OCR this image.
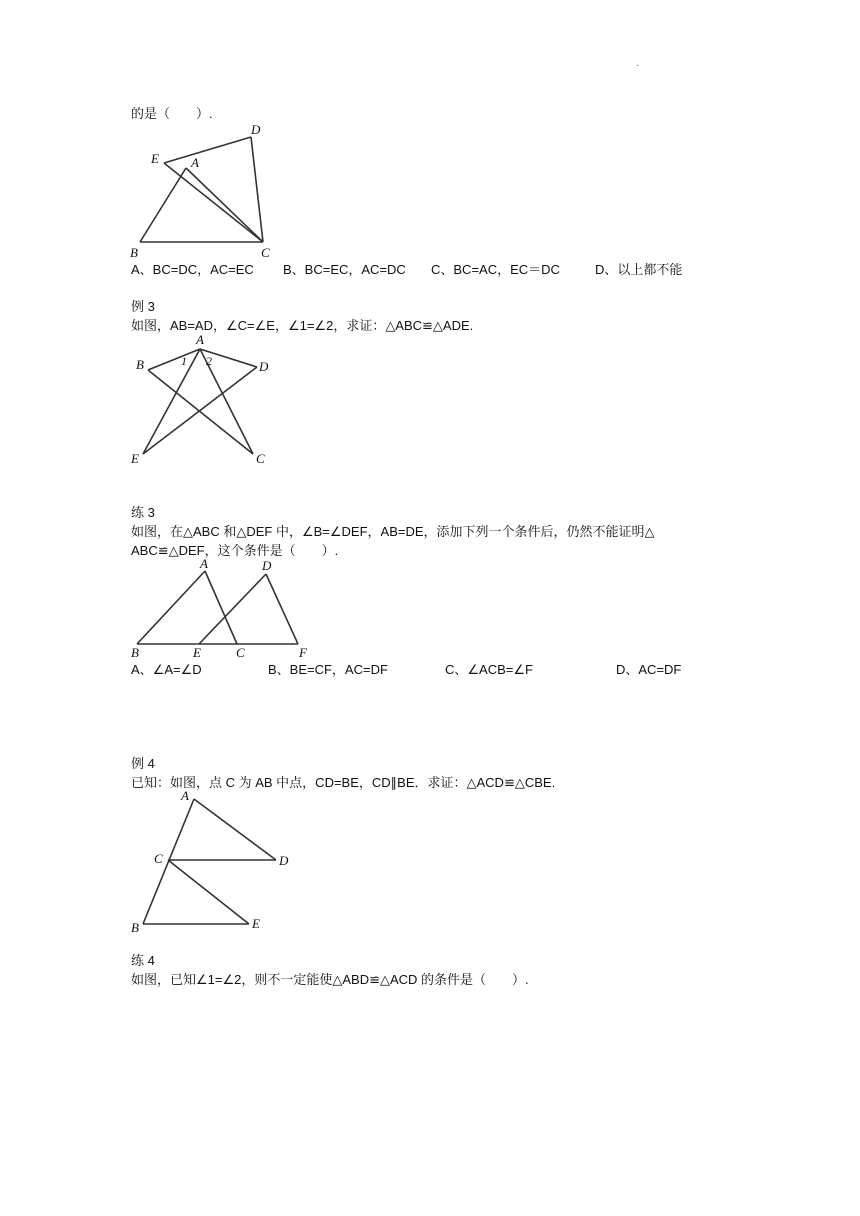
.
的是（　　）.
E A
D
B	C
A、BC=DC，AC=EC B、BC=EC，AC=DC C、BC=AC，EC＝DC	D、以上都不能
例 3
如图，AB=AD，∠C=∠E，∠1=∠2，求证：△ABC≌△ADE.
A
B	D
E	C
1 2
练 3
如图，在△ABC 和△DEF 中，∠B=∠DEF，AB=DE，添加下列一个条件后，仍然不能证明△
ABC≌△DEF，这个条件是（　　）.
A	D
B	E	C	F
A、∠A=∠D	B、BE=CF，AC=DF	C、∠ACB=∠F	D、AC=DF
例 4
已知：如图，点 C 为 AB 中点，CD=BE，CD∥BE．求证：△ACD≌△CBE.
A
C	D
B	E
练 4
如图，已知∠1=∠2，则不一定能使△ABD≌△ACD 的条件是（　　）.
